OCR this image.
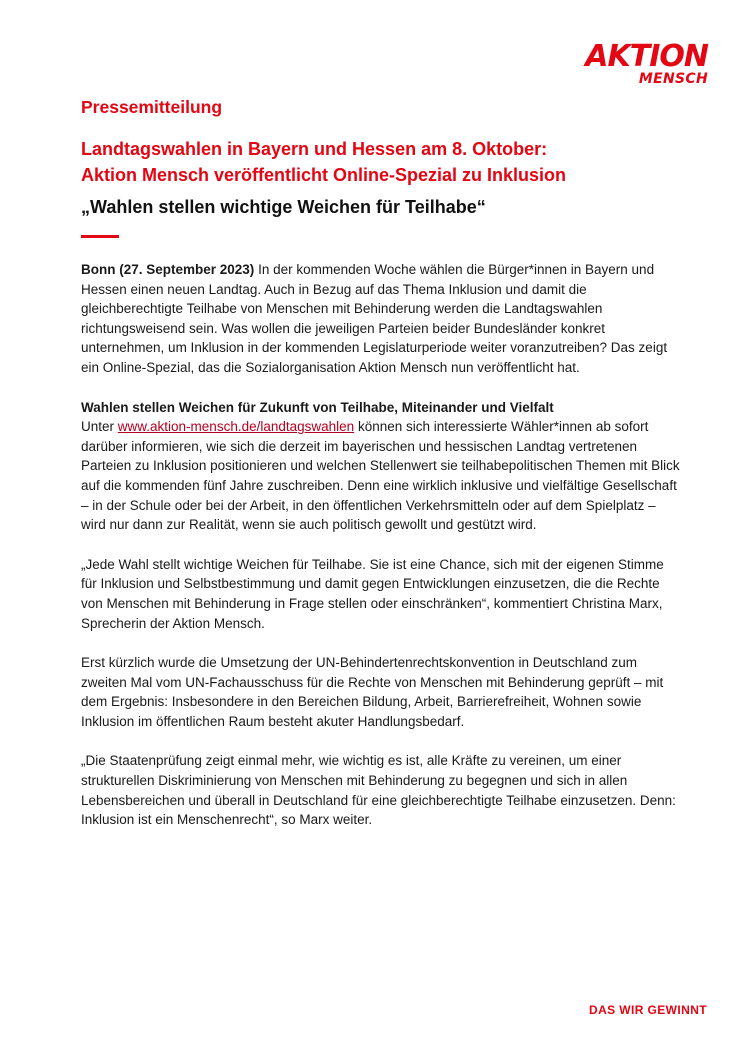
AKTION
MENSCH
Pressemitteilung
Landtagswahlen in Bayern und Hessen am 8. Oktober:
Aktion Mensch veröffentlicht Online-Spezial zu Inklusion
„Wahlen stellen wichtige Weichen für Teilhabe“

Bonn (27. September 2023) In der kommenden Woche wählen die Bürger*innen in Bayern und Hessen einen neuen Landtag. Auch in Bezug auf das Thema Inklusion und damit die gleichberechtigte Teilhabe von Menschen mit Behinderung werden die Landtagswahlen richtungsweisend sein. Was wollen die jeweiligen Parteien beider Bundesländer konkret unternehmen, um Inklusion in der kommenden Legislaturperiode weiter voranzutreiben? Das zeigt ein Online-Spezial, das die Sozialorganisation Aktion Mensch nun veröffentlicht hat.

Wahlen stellen Weichen für Zukunft von Teilhabe, Miteinander und Vielfalt
Unter www.aktion-mensch.de/landtagswahlen können sich interessierte Wähler*innen ab sofort darüber informieren, wie sich die derzeit im bayerischen und hessischen Landtag vertretenen Parteien zu Inklusion positionieren und welchen Stellenwert sie teilhabepolitischen Themen mit Blick auf die kommenden fünf Jahre zuschreiben. Denn eine wirklich inklusive und vielfältige Gesellschaft – in der Schule oder bei der Arbeit, in den öffentlichen Verkehrsmitteln oder auf dem Spielplatz – wird nur dann zur Realität, wenn sie auch politisch gewollt und gestützt wird.

„Jede Wahl stellt wichtige Weichen für Teilhabe. Sie ist eine Chance, sich mit der eigenen Stimme für Inklusion und Selbstbestimmung und damit gegen Entwicklungen einzusetzen, die die Rechte von Menschen mit Behinderung in Frage stellen oder einschränken“, kommentiert Christina Marx, Sprecherin der Aktion Mensch.

Erst kürzlich wurde die Umsetzung der UN-Behindertenrechtskonvention in Deutschland zum zweiten Mal vom UN-Fachausschuss für die Rechte von Menschen mit Behinderung geprüft – mit dem Ergebnis: Insbesondere in den Bereichen Bildung, Arbeit, Barrierefreiheit, Wohnen sowie Inklusion im öffentlichen Raum besteht akuter Handlungsbedarf.

„Die Staatenprüfung zeigt einmal mehr, wie wichtig es ist, alle Kräfte zu vereinen, um einer strukturellen Diskriminierung von Menschen mit Behinderung zu begegnen und sich in allen Lebensbereichen und überall in Deutschland für eine gleichberechtigte Teilhabe einzusetzen. Denn: Inklusion ist ein Menschenrecht“, so Marx weiter.

DAS WIR GEWINNT
